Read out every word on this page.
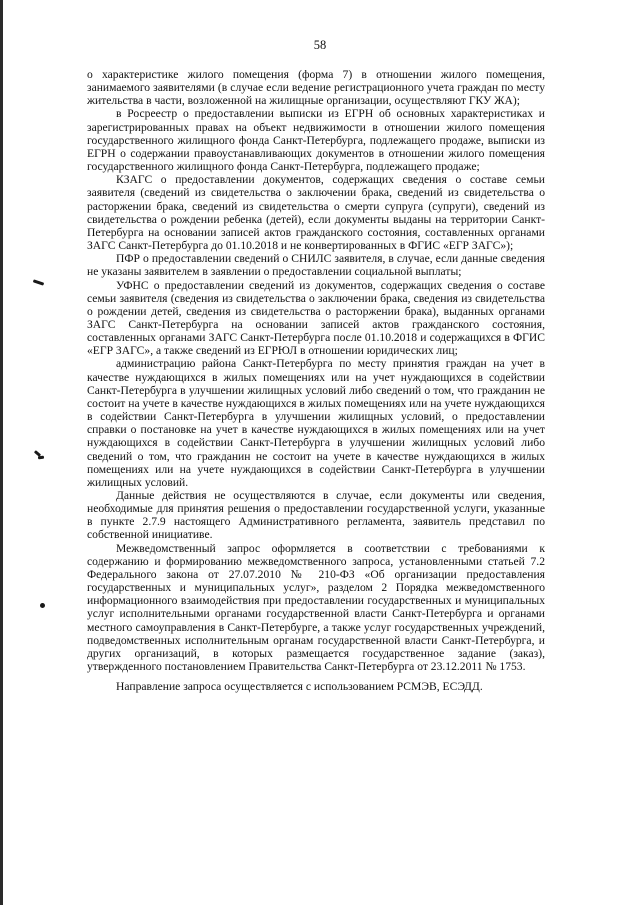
58

о характеристике жилого помещения (форма 7) в отношении жилого помещения, занимаемого заявителями (в случае если ведение регистрационного учета граждан по месту жительства в части, возложенной на жилищные организации, осуществляют ГКУ ЖА);

в Росреестр о предоставлении выписки из ЕГРН об основных характеристиках и зарегистрированных правах на объект недвижимости в отношении жилого помещения государственного жилищного фонда Санкт-Петербурга, подлежащего продаже, выписки из ЕГРН о содержании правоустанавливающих документов в отношении жилого помещения государственного жилищного фонда Санкт-Петербурга, подлежащего продаже;

КЗАГС о предоставлении документов, содержащих сведения о составе семьи заявителя (сведений из свидетельства о заключении брака, сведений из свидетельства о расторжении брака, сведений из свидетельства о смерти супруга (супруги), сведений из свидетельства о рождении ребенка (детей), если документы выданы на территории Санкт-Петербурга на основании записей актов гражданского состояния, составленных органами ЗАГС Санкт-Петербурга до 01.10.2018 и не конвертированных в ФГИС «ЕГР ЗАГС»);

ПФР о предоставлении сведений о СНИЛС заявителя, в случае, если данные сведения не указаны заявителем в заявлении о предоставлении социальной выплаты;

УФНС о предоставлении сведений из документов, содержащих сведения о составе семьи заявителя (сведения из свидетельства о заключении брака, сведения из свидетельства о рождении детей, сведения из свидетельства о расторжении брака), выданных органами ЗАГС Санкт-Петербурга на основании записей актов гражданского состояния, составленных органами ЗАГС Санкт-Петербурга после 01.10.2018 и содержащихся в ФГИС «ЕГР ЗАГС», а также сведений из ЕГРЮЛ в отношении юридических лиц;

администрацию района Санкт-Петербурга по месту принятия граждан на учет в качестве нуждающихся в жилых помещениях или на учет нуждающихся в содействии Санкт-Петербурга в улучшении жилищных условий либо сведений о том, что гражданин не состоит на учете в качестве нуждающихся в жилых помещениях или на учете нуждающихся в содействии Санкт-Петербурга в улучшении жилищных условий, о предоставлении справки о постановке на учет в качестве нуждающихся в жилых помещениях или на учет нуждающихся в содействии Санкт-Петербурга в улучшении жилищных условий либо сведений о том, что гражданин не состоит на учете в качестве нуждающихся в жилых помещениях или на учете нуждающихся в содействии Санкт-Петербурга в улучшении жилищных условий.

Данные действия не осуществляются в случае, если документы или сведения, необходимые для принятия решения о предоставлении государственной услуги, указанные в пункте 2.7.9 настоящего Административного регламента, заявитель представил по собственной инициативе.

Межведомственный запрос оформляется в соответствии с требованиями к содержанию и формированию межведомственного запроса, установленными статьей 7.2 Федерального закона от 27.07.2010 № 210-ФЗ «Об организации предоставления государственных и муниципальных услуг», разделом 2 Порядка межведомственного информационного взаимодействия при предоставлении государственных и муниципальных услуг исполнительными органами государственной власти Санкт-Петербурга и органами местного самоуправления в Санкт-Петербурге, а также услуг государственных учреждений, подведомственных исполнительным органам государственной власти Санкт-Петербурга, и других организаций, в которых размещается государственное задание (заказ), утвержденного постановлением Правительства Санкт-Петербурга от 23.12.2011 № 1753.

Направление запроса осуществляется с использованием РСМЭВ, ЕСЭДД.
